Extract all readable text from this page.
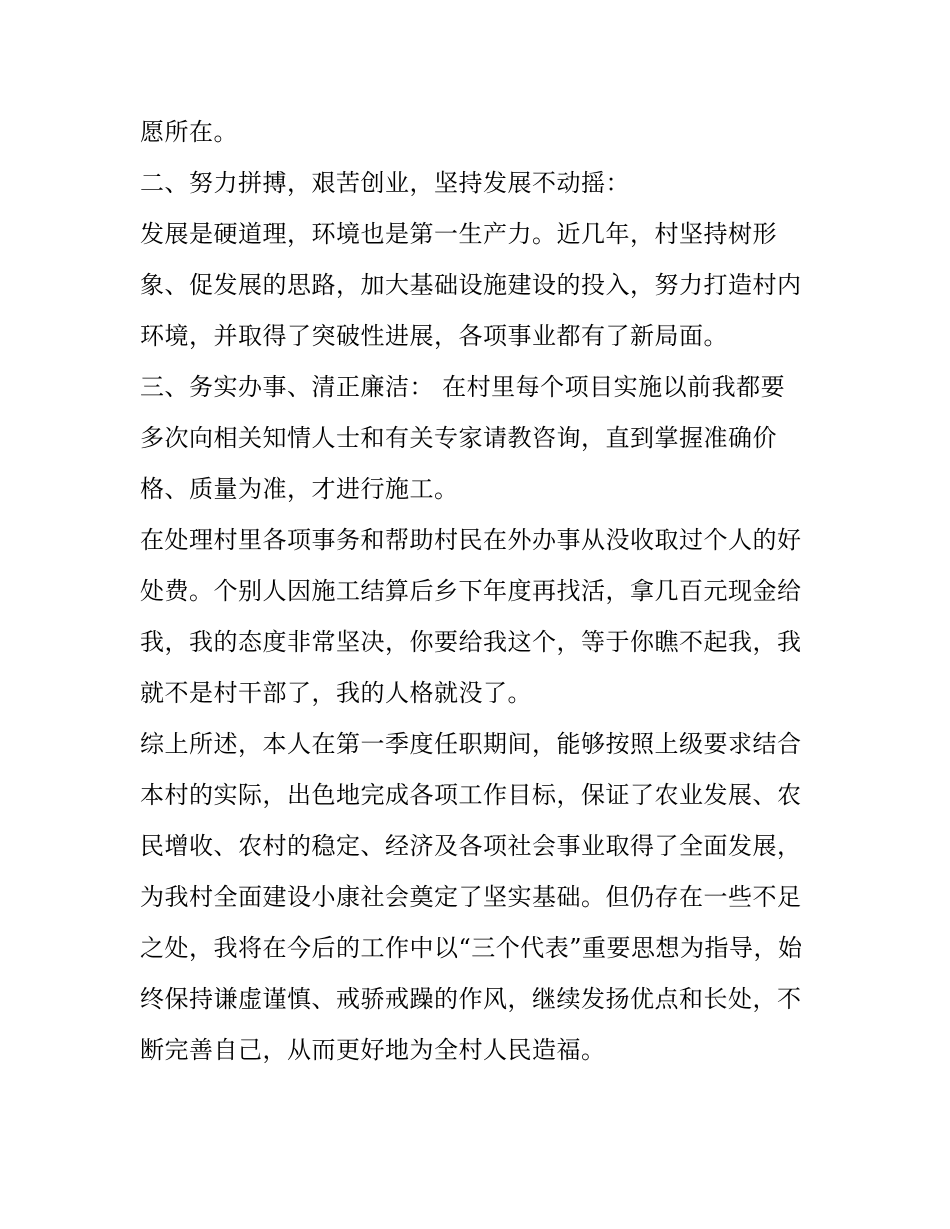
愿所在。
二、努力拼搏，艰苦创业，坚持发展不动摇：
发展是硬道理，环境也是第一生产力。近几年，村坚持树形
象、促发展的思路，加大基础设施建设的投入，努力打造村内
环境，并取得了突破性进展，各项事业都有了新局面。
三、务实办事、清正廉洁： 在村里每个项目实施以前我都要
多次向相关知情人士和有关专家请教咨询，直到掌握准确价
格、质量为准，才进行施工。
在处理村里各项事务和帮助村民在外办事从没收取过个人的好
处费。个别人因施工结算后乡下年度再找活，拿几百元现金给
我，我的态度非常坚决，你要给我这个，等于你瞧不起我，我
就不是村干部了，我的人格就没了。
综上所述，本人在第一季度任职期间，能够按照上级要求结合
本村的实际，出色地完成各项工作目标，保证了农业发展、农
民增收、农村的稳定、经济及各项社会事业取得了全面发展，
为我村全面建设小康社会奠定了坚实基础。但仍存在一些不足
之处，我将在今后的工作中以“三个代表”重要思想为指导，始
终保持谦虚谨慎、戒骄戒躁的作风，继续发扬优点和长处，不
断完善自己，从而更好地为全村人民造福。
